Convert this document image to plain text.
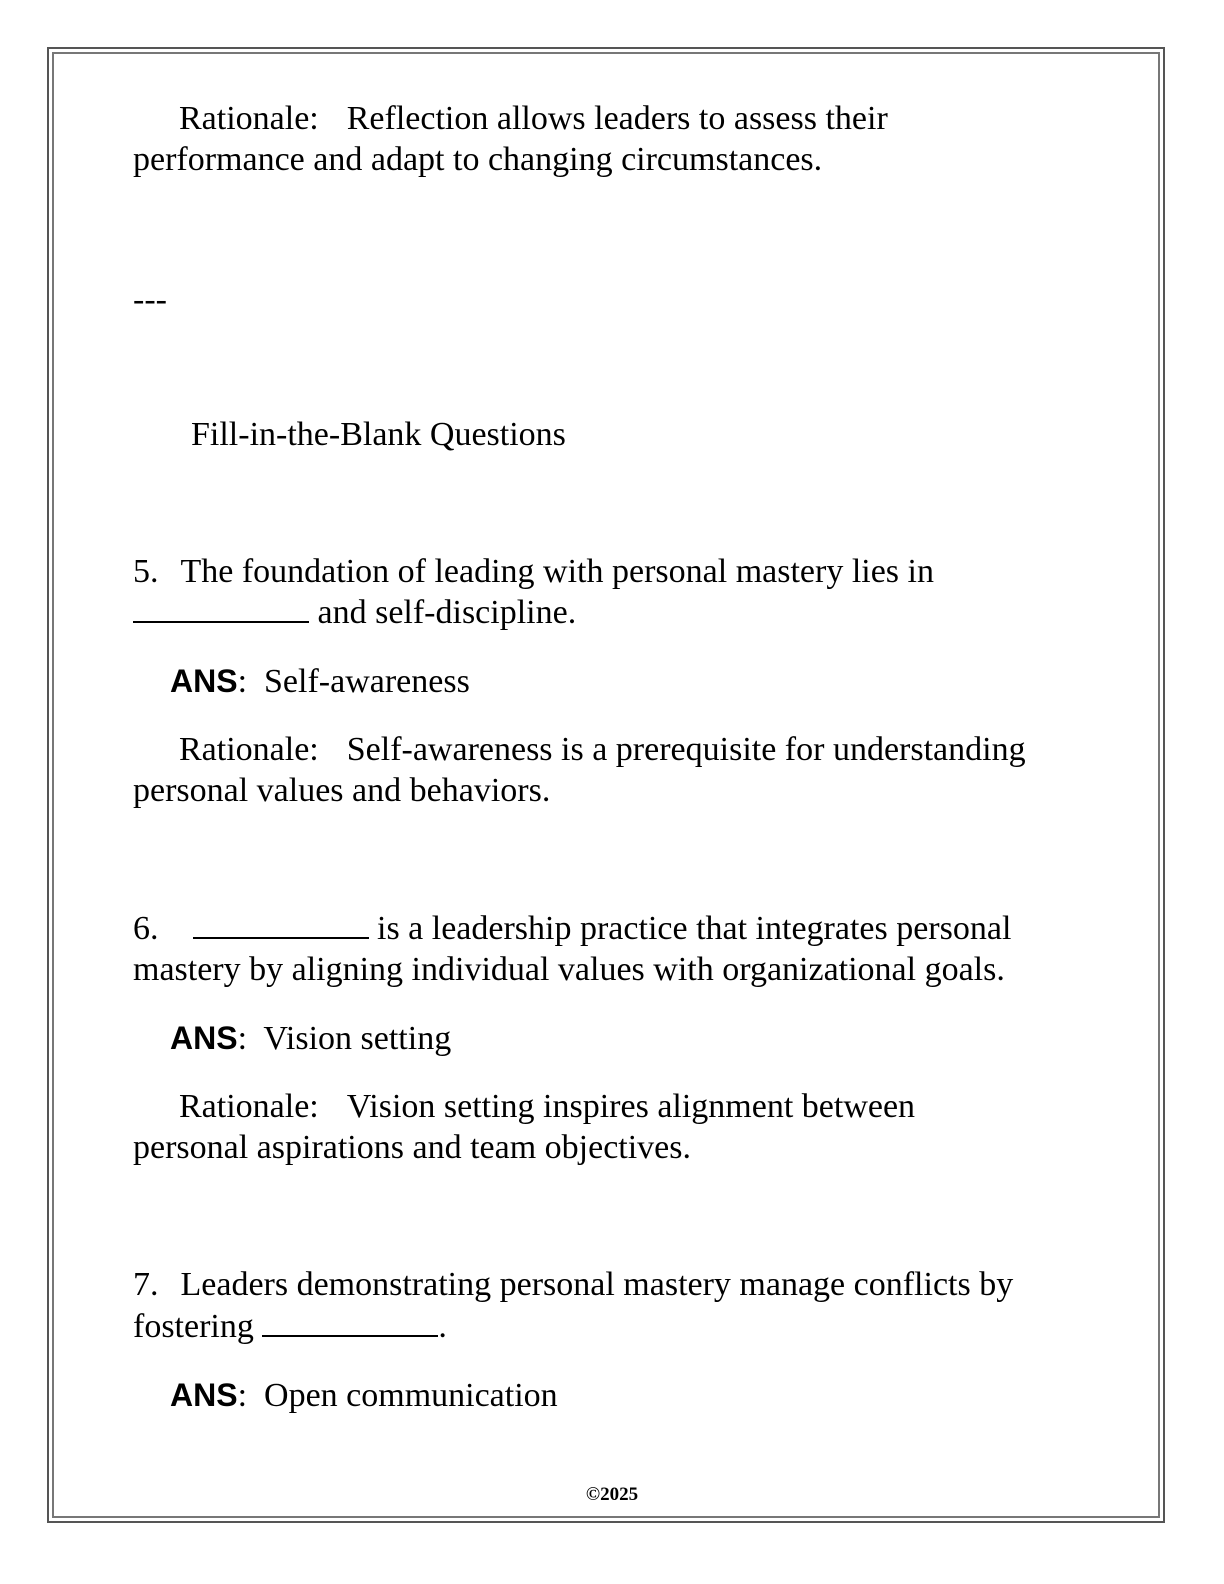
Rationale: Reflection allows leaders to assess their

performance and adapt to changing circumstances.

---

Fill-in-the-Blank Questions

5. The foundation of leading with personal mastery lies in

and self-discipline.

ANS:  Self-awareness

Rationale: Self-awareness is a prerequisite for understanding

personal values and behaviors.

6.	is a leadership practice that integrates personal

mastery by aligning individual values with organizational goals.

ANS:  Vision setting

Rationale: Vision setting inspires alignment between

personal aspirations and team objectives.

7. Leaders demonstrating personal mastery manage conflicts by

fostering	.

ANS:  Open communication

©2025
